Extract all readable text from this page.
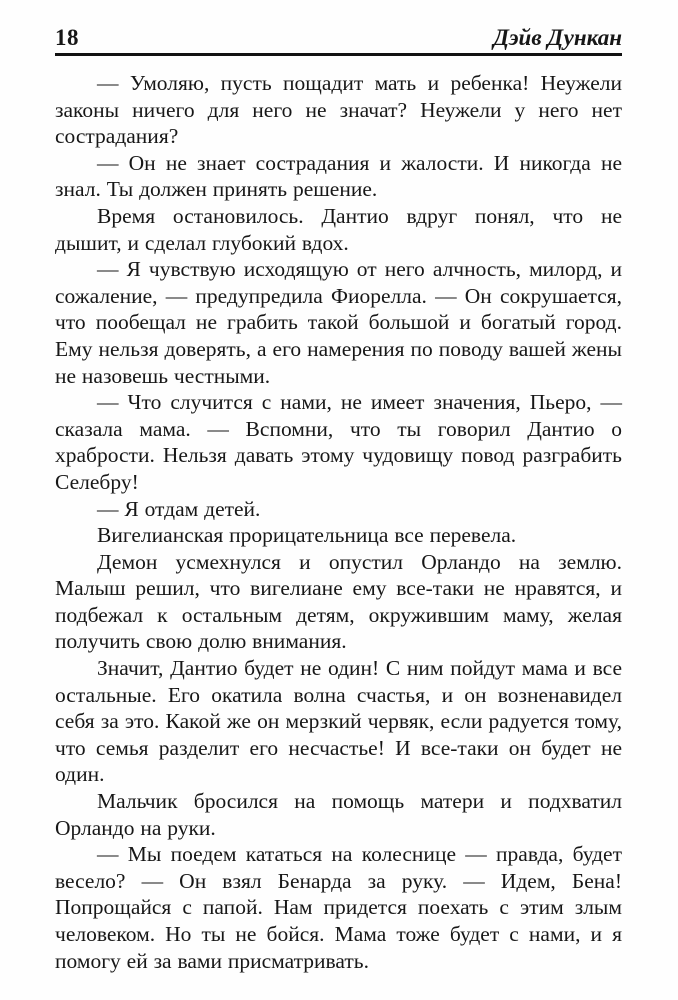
18	Дэйв Дункан

— Умоляю, пусть пощадит мать и ребенка! Неужели законы ничего для него не значат? Неужели у него нет сострадания?

— Он не знает сострадания и жалости. И никогда не знал. Ты должен принять решение.

Время остановилось. Дантио вдруг понял, что не дышит, и сделал глубокий вдох.

— Я чувствую исходящую от него алчность, милорд, и сожаление, — предупредила Фиорелла. — Он сокрушается, что пообещал не грабить такой большой и богатый город. Ему нельзя доверять, а его намерения по поводу вашей жены не назовешь честными.

— Что случится с нами, не имеет значения, Пьеро, — сказала мама. — Вспомни, что ты говорил Дантио о храбрости. Нельзя давать этому чудовищу повод разграбить Селебру!

— Я отдам детей.

Вигелианская прорицательница все перевела.

Демон усмехнулся и опустил Орландо на землю. Малыш решил, что вигелиане ему все-таки не нравятся, и подбежал к остальным детям, окружившим маму, желая получить свою долю внимания.

Значит, Дантио будет не один! С ним пойдут мама и все остальные. Его окатила волна счастья, и он возненавидел себя за это. Какой же он мерзкий червяк, если радуется тому, что семья разделит его несчастье! И все-таки он будет не один.

Мальчик бросился на помощь матери и подхватил Орландо на руки.

— Мы поедем кататься на колеснице — правда, будет весело? — Он взял Бенарда за руку. — Идем, Бена! Попрощайся с папой. Нам придется поехать с этим злым человеком. Но ты не бойся. Мама тоже будет с нами, и я помогу ей за вами присматривать.
